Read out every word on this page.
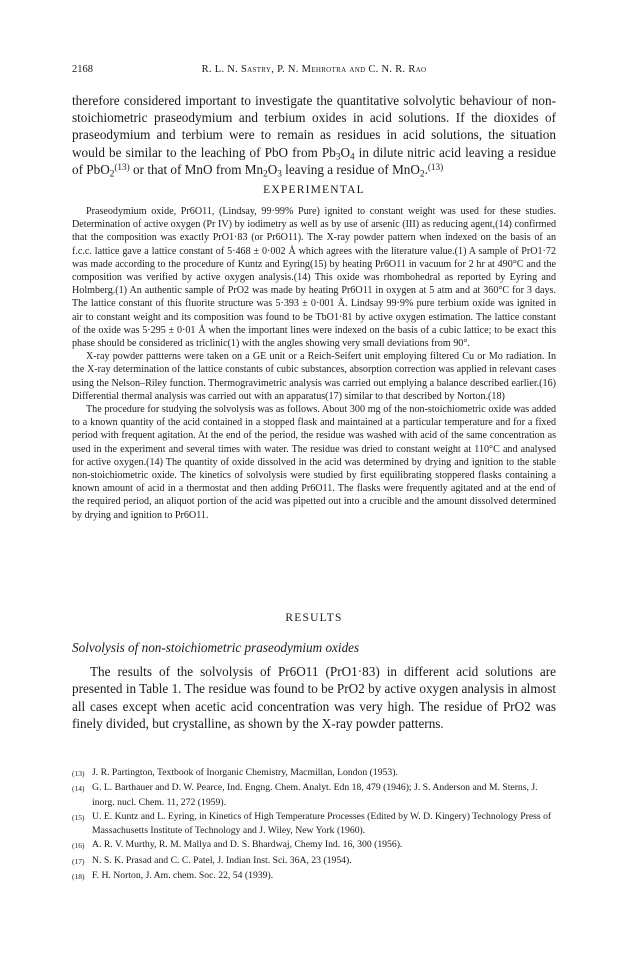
2168	R. L. N. Sastry, P. N. Mehrotra and C. N. R. Rao

therefore considered important to investigate the quantitative solvolytic behaviour of non-stoichiometric praseodymium and terbium oxides in acid solutions. If the dioxides of praseodymium and terbium were to remain as residues in acid solutions, the situation would be similar to the leaching of PbO from $Pb_3O_4$ in dilute nitric acid leaving a residue of PbO$_2^{(13)}$ or that of MnO from $Mn_2O_3$ leaving a residue of MnO$_2$.$^{(13)}$

EXPERIMENTAL

Praseodymium oxide, Pr6O11, (Lindsay, 99·99% Pure) ignited to constant weight was used for these studies. Determination of active oxygen (Pr IV) by iodimetry as well as by use of arsenic (III) as reducing agent,(14) confirmed that the composition was exactly PrO1·83 (or Pr6O11). The X-ray powder pattern when indexed on the basis of an f.c.c. lattice gave a lattice constant of 5·468 ± 0·002 Å which agrees with the literature value.(1) A sample of PrO1·72 was made according to the procedure of Kuntz and Eyring(15) by heating Pr6O11 in vacuum for 2 hr at 490°C and the composition was verified by active oxygen analysis.(14) This oxide was rhombohedral as reported by Eyring and Holmberg.(1) An authentic sample of PrO2 was made by heating Pr6O11 in oxygen at 5 atm and at 360°C for 3 days. The lattice constant of this fluorite structure was 5·393 ± 0·001 Å. Lindsay 99·9% pure terbium oxide was ignited in air to constant weight and its composition was found to be TbO1·81 by active oxygen estimation. The lattice constant of the oxide was 5·295 ± 0·01 Å when the important lines were indexed on the basis of a cubic lattice; to be exact this phase should be considered as triclinic(1) with the angles showing very small deviations from 90°.

X-ray powder pattterns were taken on a GE unit or a Reich-Seifert unit employing filtered Cu or Mo radiation. In the X-ray determination of the lattice constants of cubic substances, absorption correction was applied in relevant cases using the Nelson–Riley function. Thermogravimetric analysis was carried out emplying a balance described earlier.(16) Differential thermal analysis was carried out with an apparatus(17) similar to that described by Norton.(18)

The procedure for studying the solvolysis was as follows. About 300 mg of the non-stoichiometric oxide was added to a known quantity of the acid contained in a stopped flask and maintained at a particular temperature and for a fixed period with frequent agitation. At the end of the period, the residue was washed with acid of the same concentration as used in the experiment and several times with water. The residue was dried to constant weight at 110°C and analysed for active oxygen.(14) The quantity of oxide dissolved in the acid was determined by drying and ignition to the stable non-stoichiometric oxide. The kinetics of solvolysis were studied by first equilibrating stoppered flasks containing a known amount of acid in a thermostat and then adding Pr6O11. The flasks were frequently agitated and at the end of the required period, an aliquot portion of the acid was pipetted out into a crucible and the amount dissolved determined by drying and ignition to Pr6O11.

RESULTS
Solvolysis of non-stoichiometric praseodymium oxides

The results of the solvolysis of Pr6O11 (PrO1·83) in different acid solutions are presented in Table 1. The residue was found to be PrO2 by active oxygen analysis in almost all cases except when acetic acid concentration was very high. The residue of PrO2 was finely divided, but crystalline, as shown by the X-ray powder patterns.

(13) J. R. Partington, Textbook of Inorganic Chemistry, Macmillan, London (1953).
(14) G. L. Barthauer and D. W. Pearce, Ind. Engng. Chem. Analyt. Edn 18, 479 (1946); J. S. Anderson and M. Sterns, J. inorg. nucl. Chem. 11, 272 (1959).
(15) U. E. Kuntz and L. Eyring, in Kinetics of High Temperature Processes (Edited by W. D. Kingery) Technology Press of Massachusetts Institute of Technology and J. Wiley, New York (1960).
(16) A. R. V. Murthy, R. M. Mallya and D. S. Bhardwaj, Chemy Ind. 16, 300 (1956).
(17) N. S. K. Prasad and C. C. Patel, J. Indian Inst. Sci. 36A, 23 (1954).
(18) F. H. Norton, J. Am. chem. Soc. 22, 54 (1939).
